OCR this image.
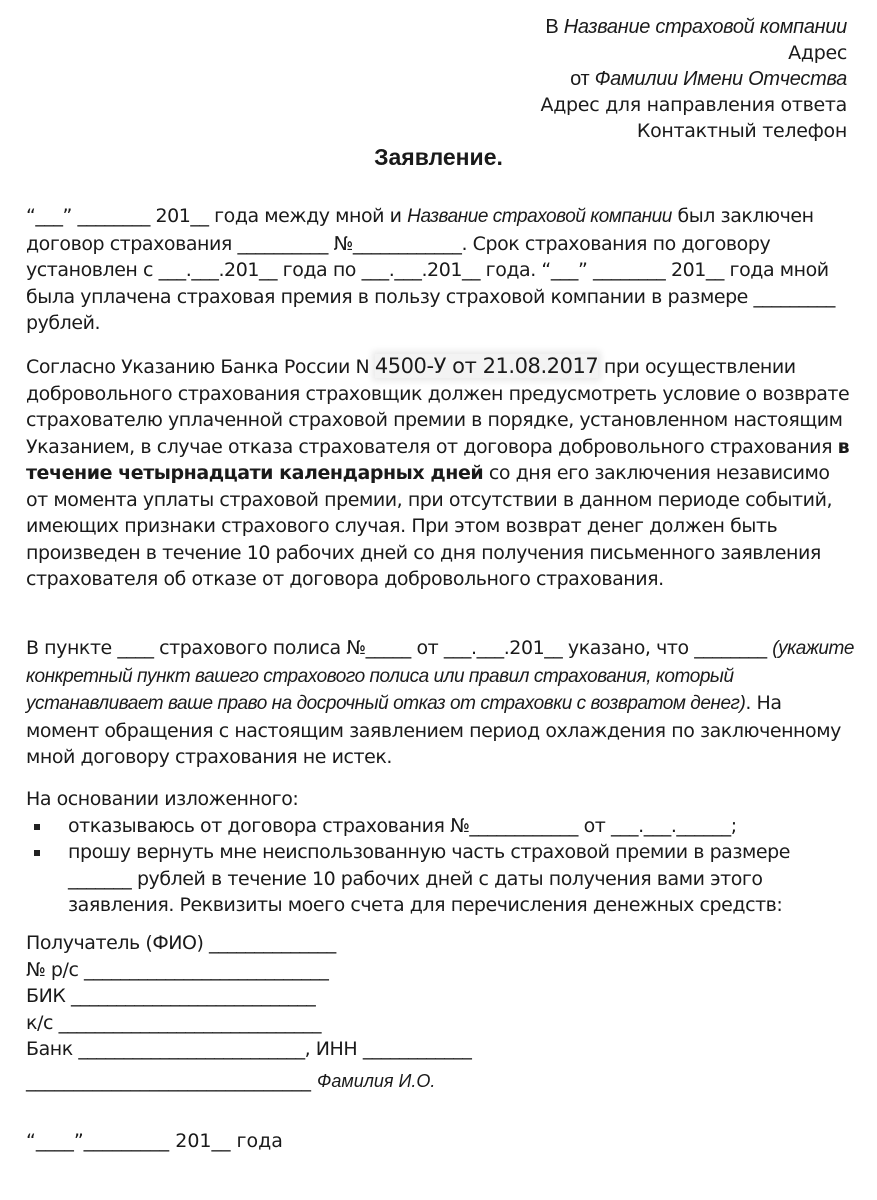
В Название страховой компании
Адрес
от Фамилии Имени Отчества
Адрес для направления ответа
Контактный телефон
Заявление.

“___” ________ 201__ года между мной и Название страховой компании был заключен договор страхования __________ №____________. Срок страхования по договору установлен с ___.___.201__ года по ___.___.201__ года. “___” ________ 201__ года мной была уплачена страховая премия в пользу страховой компании в размере _________ рублей.

Согласно Указанию Банка России N 4500-У от 21.08.2017 при осуществлении добровольного страхования страховщик должен предусмотреть условие о возврате страхователю уплаченной страховой премии в порядке, установленном настоящим Указанием, в случае отказа страхователя от договора добровольного страхования в течение четырнадцати календарных дней со дня его заключения независимо от момента уплаты страховой премии, при отсутствии в данном периоде событий, имеющих признаки страхового случая. При этом возврат денег должен быть произведен в течение 10 рабочих дней со дня получения письменного заявления страхователя об отказе от договора добровольного страхования.

В пункте ____ страхового полиса №_____ от ___.___.201__ указано, что ________ (укажите конкретный пункт вашего страхового полиса или правил страхования, который устанавливает ваше право на досрочный отказ от страховки с возвратом денег). На момент обращения с настоящим заявлением период охлаждения по заключенному мной договору страхования не истек.

На основании изложенного:

отказываюсь от договора страхования №____________ от ___.___.______;
прошу вернуть мне неиспользованную часть страховой премии в размере _______ рублей в течение 10 рабочих дней с даты получения вами этого заявления. Реквизиты моего счета для перечисления денежных средств:
Получатель (ФИО) ______________
№ р/с ___________________________
БИК ___________________________
к/с _____________________________
Банк _________________________, ИНН ____________
______________________________ Фамилия И.О.
“____”_________ 201__ года
